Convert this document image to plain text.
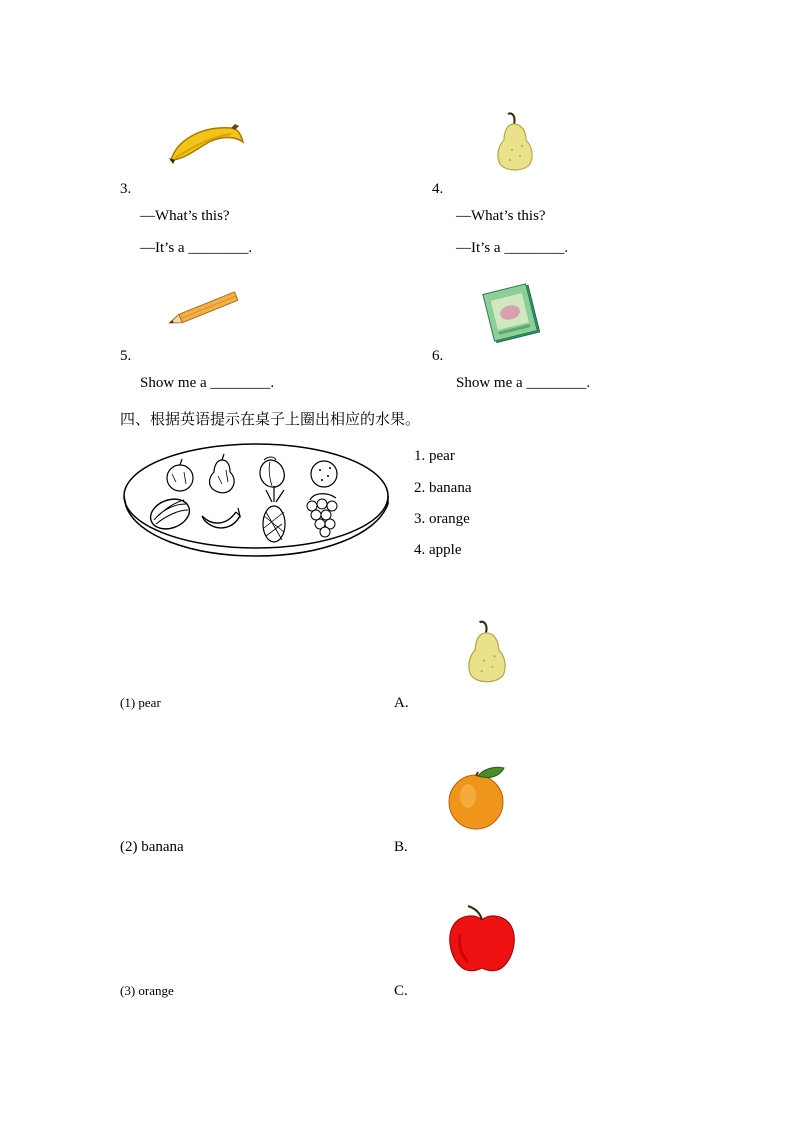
3.
—What’s this?
—It’s a ________.
4.
—What’s this?
—It’s a ________.
5.
Show me a ________.
6.
Show me a ________.
四、根据英语提示在桌子上圈出相应的水果。
1. pear
2. banana
3. orange
4. apple
(1) pear	A.
(2) banana	B.
(3) orange	C.
